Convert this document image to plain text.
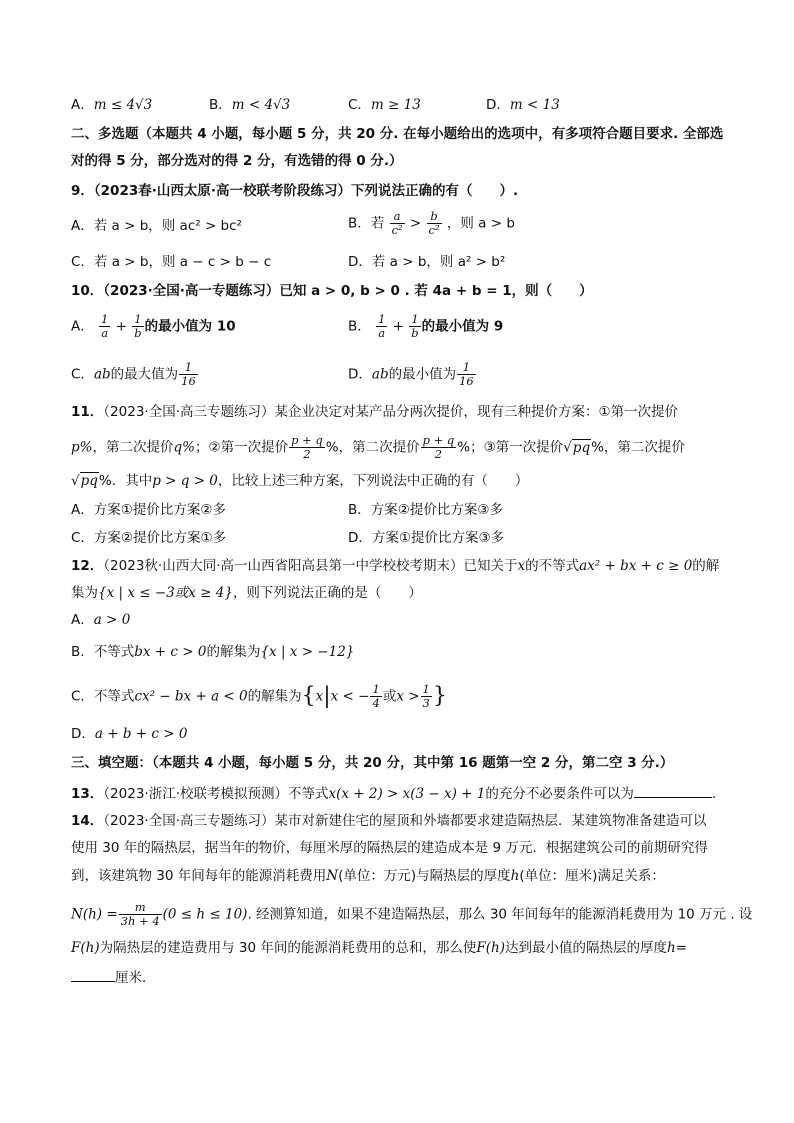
A．m ≤ 4√3	B．m < 4√3	C．m ≥ 13	D．m < 13
二、多选题（本题共 4 小题，每小题 5 分，共 20 分. 在每小题给出的选项中，有多项符合题目要求. 全部选
对的得 5 分，部分选对的得 2 分，有选错的得 0 分.）
9．（2023春·山西太原·高一校联考阶段练习）下列说法正确的有（　　）.
A．若 a > b，则 ac² > bc²	B．若 $\frac{a}{\text{c²}} > \frac{b}{\text{c²}}$ ，则 a > b
C．若 a > b，则 a − c > b − c	D．若 a > b，则 a² > b²
10．（2023·全国·高一专题练习）已知 a > 0, b > 0 . 若 4a + b = 1，则（　　）
A． $\frac{1}{a} + \frac{1}{b}$ 的最小值为 10	B． $\frac{1}{a} + \frac{1}{b}$ 的最小值为 9
C．ab的最大值为 $\frac{1}{16}$	D．ab的最小值为 $\frac{1}{16}$
11．（2023·全国·高三专题练习）某企业决定对某产品分两次提价，现有三种提价方案：①第一次提价
p%，第二次提价q%；②第一次提价 $\frac{p + q}{2}$ %，第二次提价 $\frac{p + q}{2}$ %；③第一次提价√pq%，第二次提价
√pq%．其中p > q > 0，比较上述三种方案，下列说法中正确的有（　　）
A．方案①提价比方案②多	B．方案②提价比方案③多
C．方案②提价比方案①多	D．方案①提价比方案③多
12．（2023秋·山西大同·高一山西省阳高县第一中学校校考期末）已知关于x的不等式ax² + bx + c ≥ 0的解
集为{x | x ≤ −3或x ≥ 4}，则下列说法正确的是（　　）
A．a > 0
B．不等式bx + c > 0的解集为{x | x > −12}
C．不等式cx² − bx + a < 0的解集为{x|x < − $\frac{1}{4}$ 或$x > \frac{1}{3}$ }
D．a + b + c > 0
三、填空题：（本题共 4 小题，每小题 5 分，共 20 分，其中第 16 题第一空 2 分，第二空 3 分.）
13．（2023·浙江·校联考模拟预测）不等式x(x + 2) > x(3 − x) + 1的充分不必要条件可以为	.
14．（2023·全国·高三专题练习）某市对新建住宅的屋顶和外墙都要求建造隔热层．某建筑物准备建造可以
使用 30 年的隔热层，据当年的物价，每厘米厚的隔热层的建造成本是 9 万元．根据建筑公司的前期研究得
到，该建筑物 30 年间每年的能源消耗费用N(单位：万元)与隔热层的厚度h(单位：厘米)满足关系：
$N(h) = \frac{m}{3h + 4} (0 \le h \le 10)$. 经测算知道，如果不建造隔热层，那么 30 年间每年的能源消耗费用为 10 万元 . 设
F(h)为隔热层的建造费用与 30 年间的能源消耗费用的总和，那么使F(h)达到最小值的隔热层的厚度h=
厘米．
